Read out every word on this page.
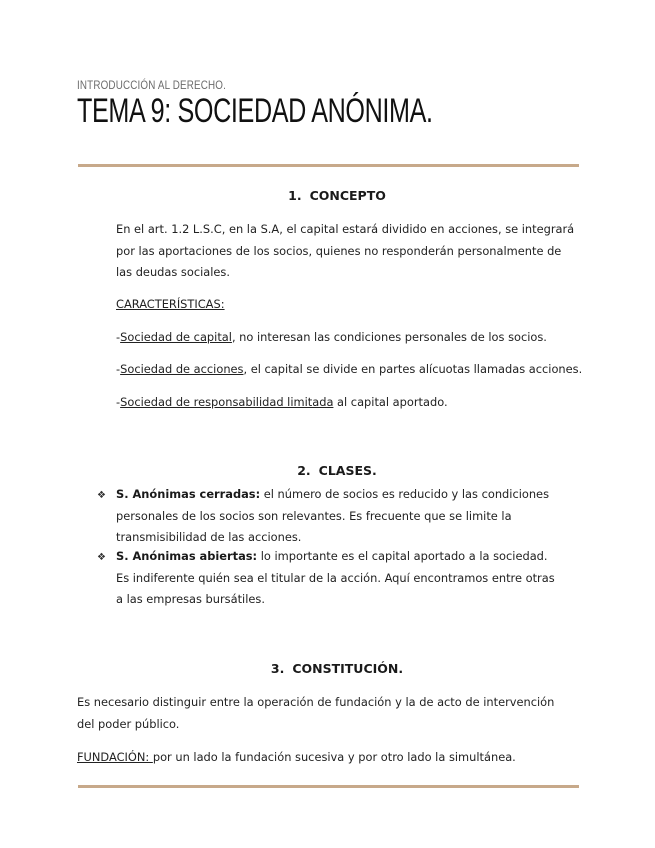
INTRODUCCIÓN AL DERECHO.
TEMA 9: SOCIEDAD ANÓNIMA.
1. CONCEPTO
En el art. 1.2 L.S.C, en la S.A, el capital estará dividido en acciones, se integrará por las aportaciones de los socios, quienes no responderán personalmente de las deudas sociales.
CARACTERÍSTICAS:
-Sociedad de capital, no interesan las condiciones personales de los socios.
-Sociedad de acciones, el capital se divide en partes alícuotas llamadas acciones.
-Sociedad de responsabilidad limitada al capital aportado.
2. CLASES.
❖ S. Anónimas cerradas: el número de socios es reducido y las condiciones personales de los socios son relevantes. Es frecuente que se limite la transmisibilidad de las acciones.
❖ S. Anónimas abiertas: lo importante es el capital aportado a la sociedad. Es indiferente quién sea el titular de la acción. Aquí encontramos entre otras a las empresas bursátiles.
3. CONSTITUCIÓN.
Es necesario distinguir entre la operación de fundación y la de acto de intervención del poder público.
FUNDACIÓN: por un lado la fundación sucesiva y por otro lado la simultánea.
